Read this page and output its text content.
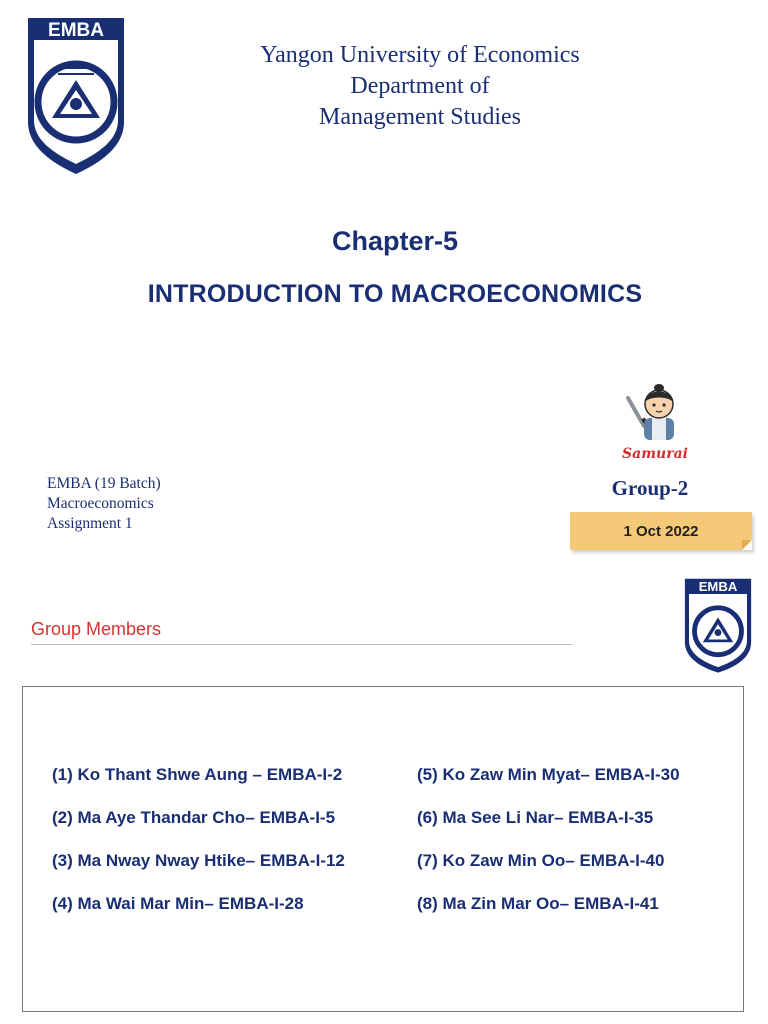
EMBA
Yangon University of Economics
Department of
Management Studies
Chapter-5
INTRODUCTION TO MACROECONOMICS
EMBA (19 Batch)
Macroeconomics
Assignment 1
Samurai
Group-2
1 Oct 2022
EMBA
Group Members
(1) Ko Thant Shwe Aung – EMBA-I-2
(2) Ma Aye Thandar Cho– EMBA-I-5
(3) Ma Nway Nway Htike– EMBA-I-12
(4) Ma Wai Mar Min– EMBA-I-28
(5) Ko Zaw Min Myat– EMBA-I-30
(6) Ma See Li Nar– EMBA-I-35
(7) Ko Zaw Min Oo– EMBA-I-40
(8) Ma Zin Mar Oo– EMBA-I-41
